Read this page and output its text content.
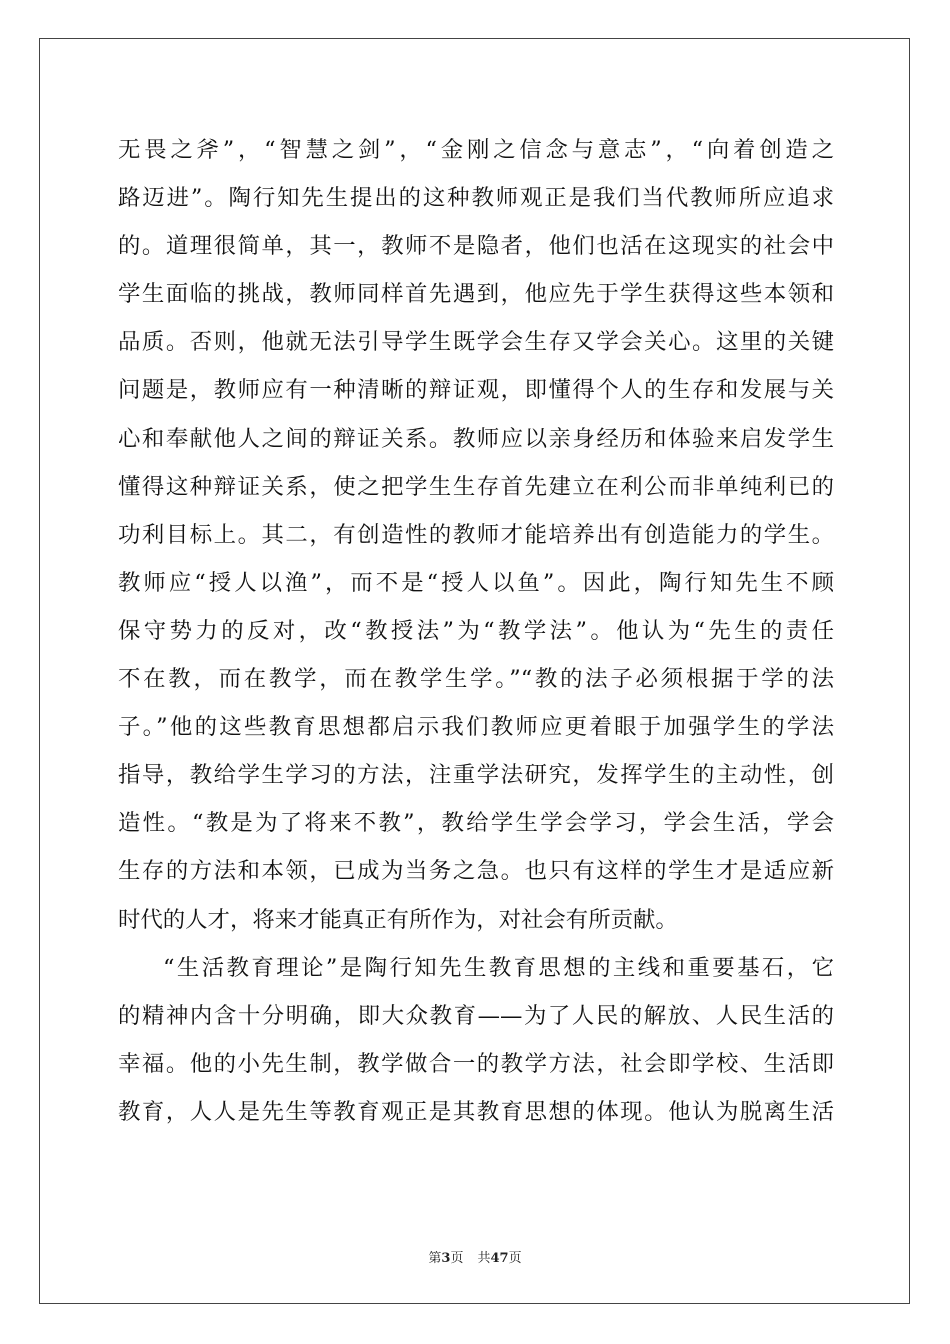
无畏之斧”，“智慧之剑”，“金刚之信念与意志”，“向着创造之
路迈进”。陶行知先生提出的这种教师观正是我们当代教师所应追求
的。道理很简单，其一，教师不是隐者，他们也活在这现实的社会中
学生面临的挑战，教师同样首先遇到，他应先于学生获得这些本领和
品质。否则，他就无法引导学生既学会生存又学会关心。这里的关键
问题是，教师应有一种清晰的辩证观，即懂得个人的生存和发展与关
心和奉献他人之间的辩证关系。教师应以亲身经历和体验来启发学生
懂得这种辩证关系，使之把学生生存首先建立在利公而非单纯利已的
功利目标上。其二，有创造性的教师才能培养出有创造能力的学生。
教师应“授人以渔”，而不是“授人以鱼”。因此，陶行知先生不顾
保守势力的反对，改“教授法”为“教学法”。他认为“先生的责任
不在教，而在教学，而在教学生学。”“教的法子必须根据于学的法
子。”他的这些教育思想都启示我们教师应更着眼于加强学生的学法
指导，教给学生学习的方法，注重学法研究，发挥学生的主动性，创
造性。“教是为了将来不教”，教给学生学会学习，学会生活，学会
生存的方法和本领，已成为当务之急。也只有这样的学生才是适应新
时代的人才，将来才能真正有所作为，对社会有所贡献。
“生活教育理论”是陶行知先生教育思想的主线和重要基石，它
的精神内含十分明确，即大众教育——为了人民的解放、人民生活的
幸福。他的小先生制，教学做合一的教学方法，社会即学校、生活即
教育，人人是先生等教育观正是其教育思想的体现。他认为脱离生活
第3页 共47页
